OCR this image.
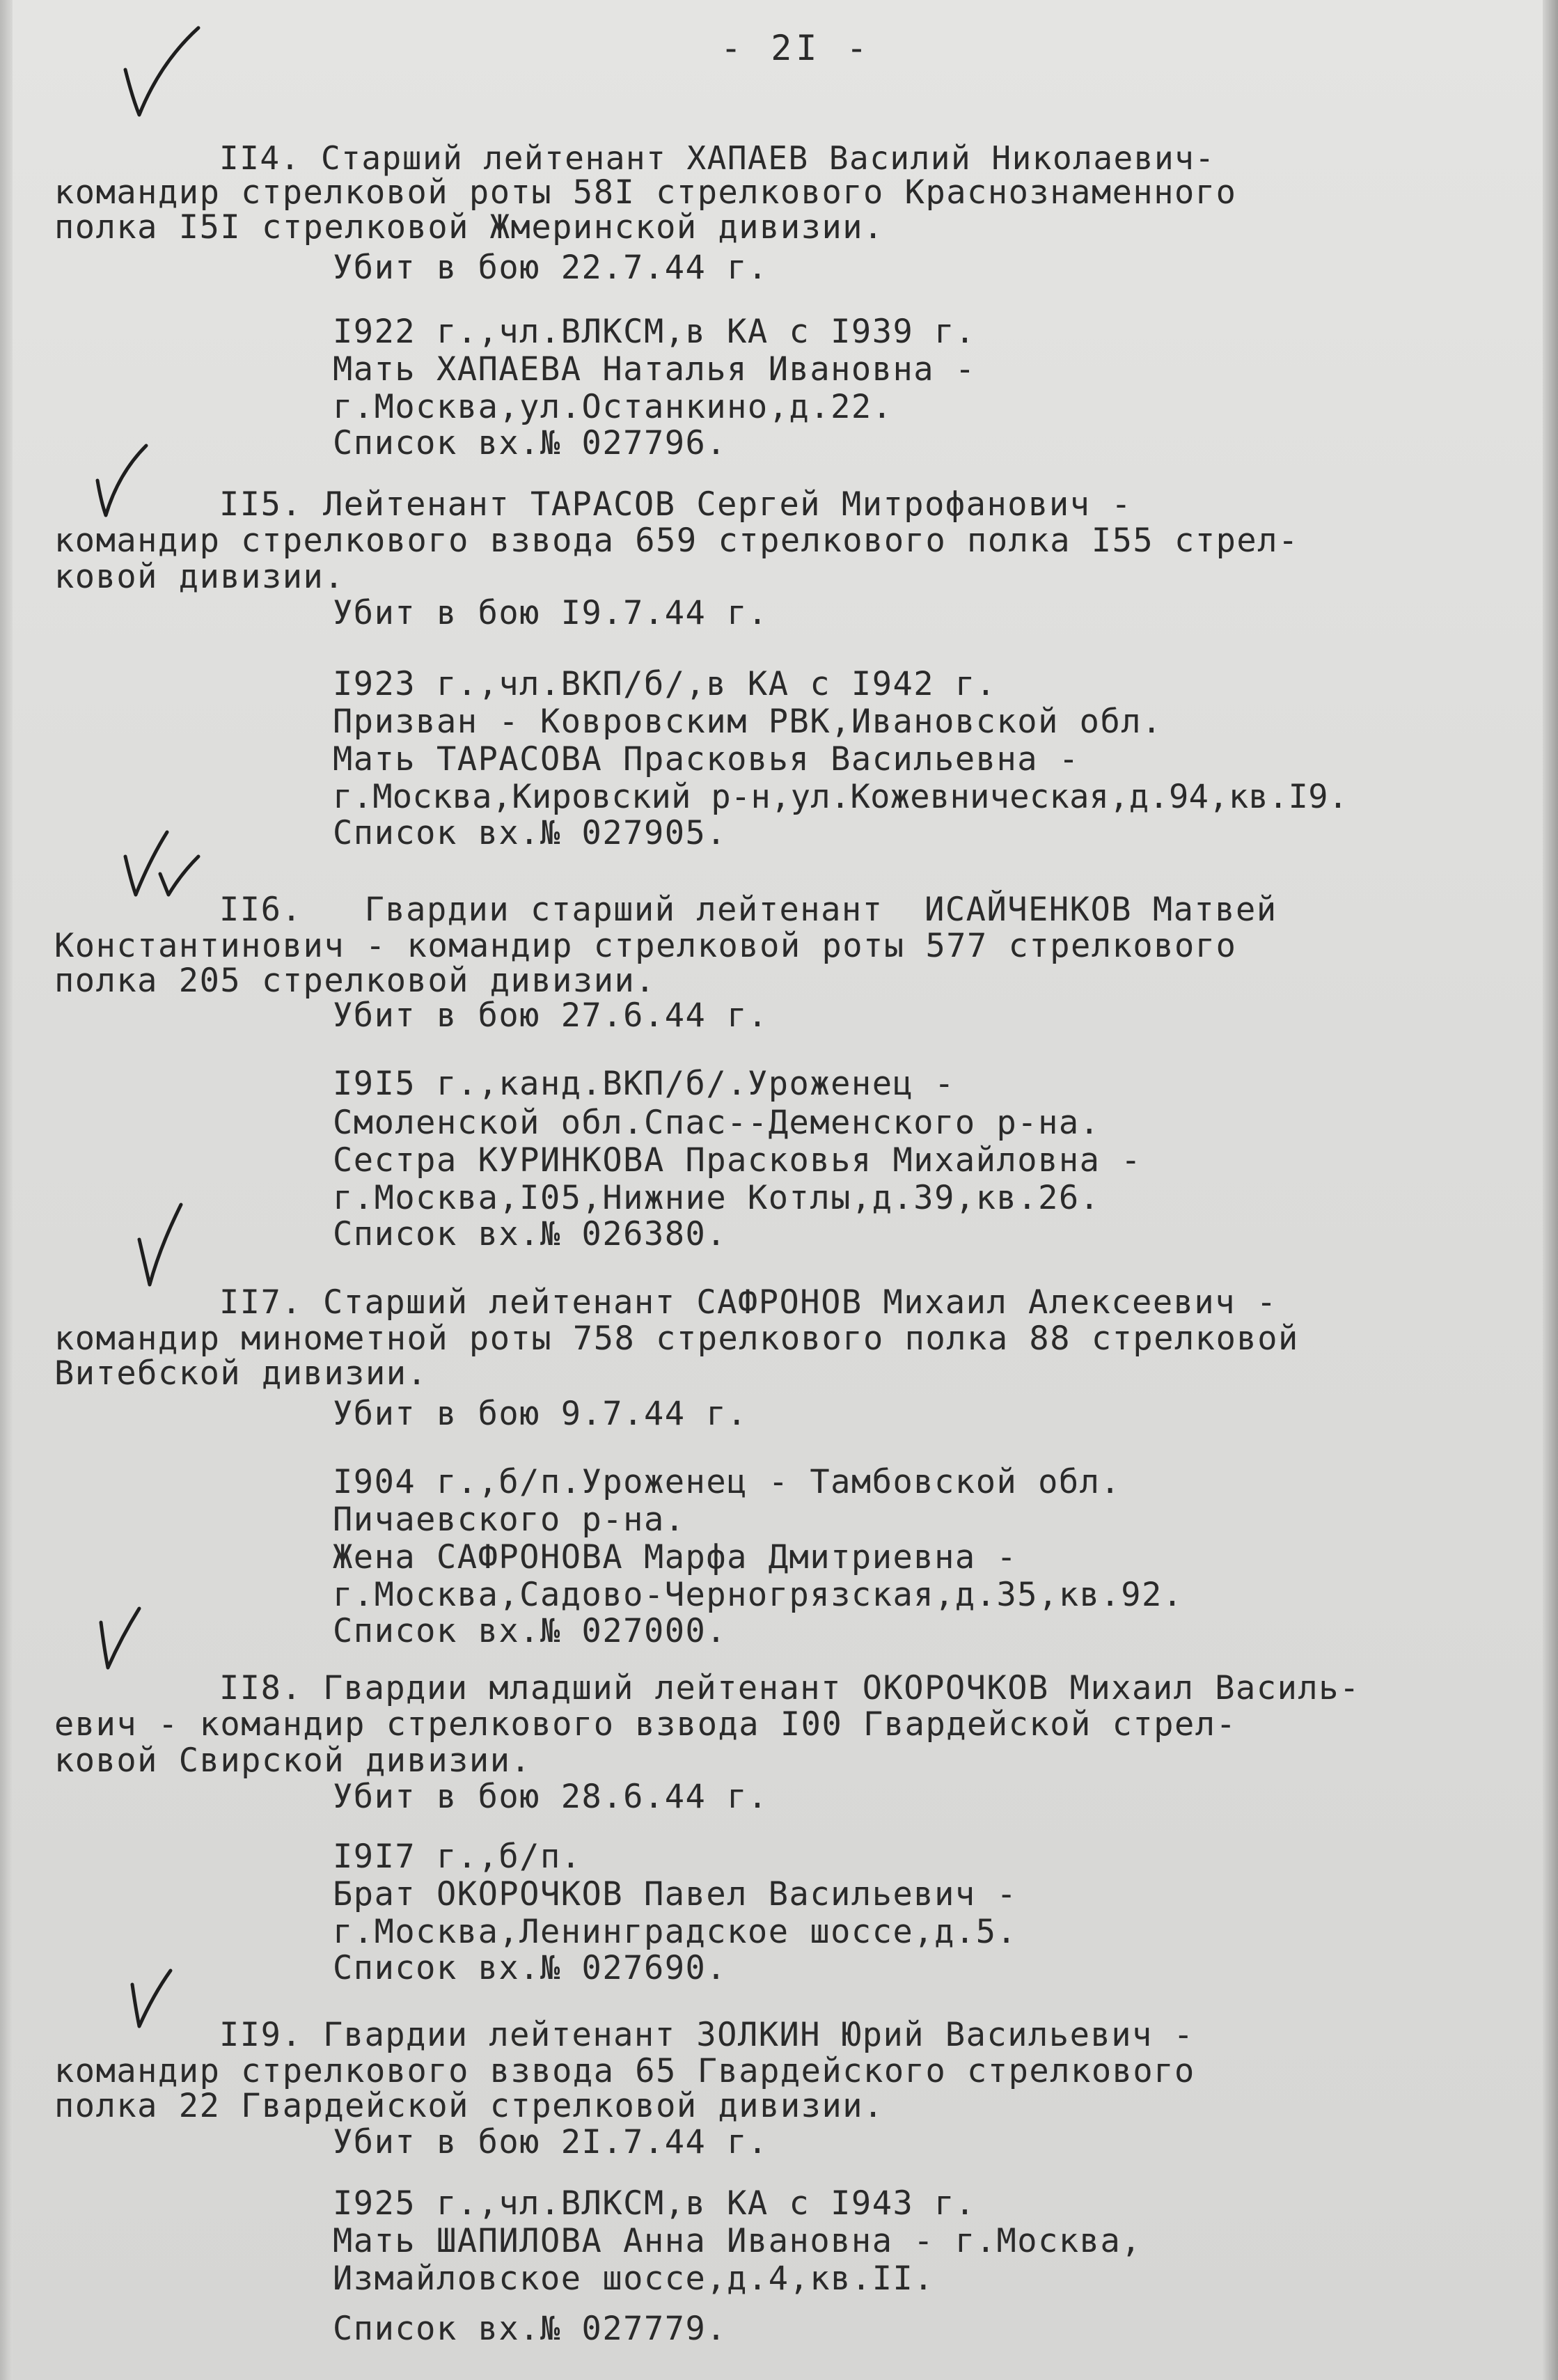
- 2I -
II4. Старший лейтенант ХАПАЕВ Василий Николаевич-
командир стрелковой роты 58I стрелкового Краснознаменного
полка I5I стрелковой Жмеринской дивизии.
Убит в бою 22.7.44 г.
I922 г.,чл.ВЛКСМ,в КА с I939 г.
Мать ХАПАЕВА Наталья Ивановна -
г.Москва,ул.Останкино,д.22.
Список вх.№ 027796.
II5. Лейтенант ТАРАСОВ Сергей Митрофанович -
командир стрелкового взвода 659 стрелкового полка I55 стрел-
ковой дивизии.
Убит в бою I9.7.44 г.
I923 г.,чл.ВКП/б/,в КА с I942 г.
Призван - Ковровским РВК,Ивановской обл.
Мать ТАРАСОВА Прасковья Васильевна -
г.Москва,Кировский р-н,ул.Кожевническая,д.94,кв.I9.
Список вх.№ 027905.
II6.   Гвардии старший лейтенант  ИСАЙЧЕНКОВ Матвей
Константинович - командир стрелковой роты 577 стрелкового
полка 205 стрелковой дивизии.
Убит в бою 27.6.44 г.
I9I5 г.,канд.ВКП/б/.Уроженец -
Смоленской обл.Спас--Деменского р-на.
Сестра КУРИНКОВА Прасковья Михайловна -
г.Москва,I05,Нижние Котлы,д.39,кв.26.
Список вх.№ 026380.
II7. Старший лейтенант САФРОНОВ Михаил Алексеевич -
командир минометной роты 758 стрелкового полка 88 стрелковой
Витебской дивизии.
Убит в бою 9.7.44 г.
I904 г.,б/п.Уроженец - Тамбовской обл.
Пичаевского р-на.
Жена САФРОНОВА Марфа Дмитриевна -
г.Москва,Садово-Черногрязская,д.35,кв.92.
Список вх.№ 027000.
II8. Гвардии младший лейтенант ОКОРОЧКОВ Михаил Василь-
евич - командир стрелкового взвода I00 Гвардейской стрел-
ковой Свирской дивизии.
Убит в бою 28.6.44 г.
I9I7 г.,б/п.
Брат ОКОРОЧКОВ Павел Васильевич -
г.Москва,Ленинградское шоссе,д.5.
Список вх.№ 027690.
II9. Гвардии лейтенант ЗОЛКИН Юрий Васильевич -
командир стрелкового взвода 65 Гвардейского стрелкового
полка 22 Гвардейской стрелковой дивизии.
Убит в бою 2I.7.44 г.
I925 г.,чл.ВЛКСМ,в КА с I943 г.
Мать ШАПИЛОВА Анна Ивановна - г.Москва,
Измайловское шоссе,д.4,кв.II.
Список вх.№ 027779.
